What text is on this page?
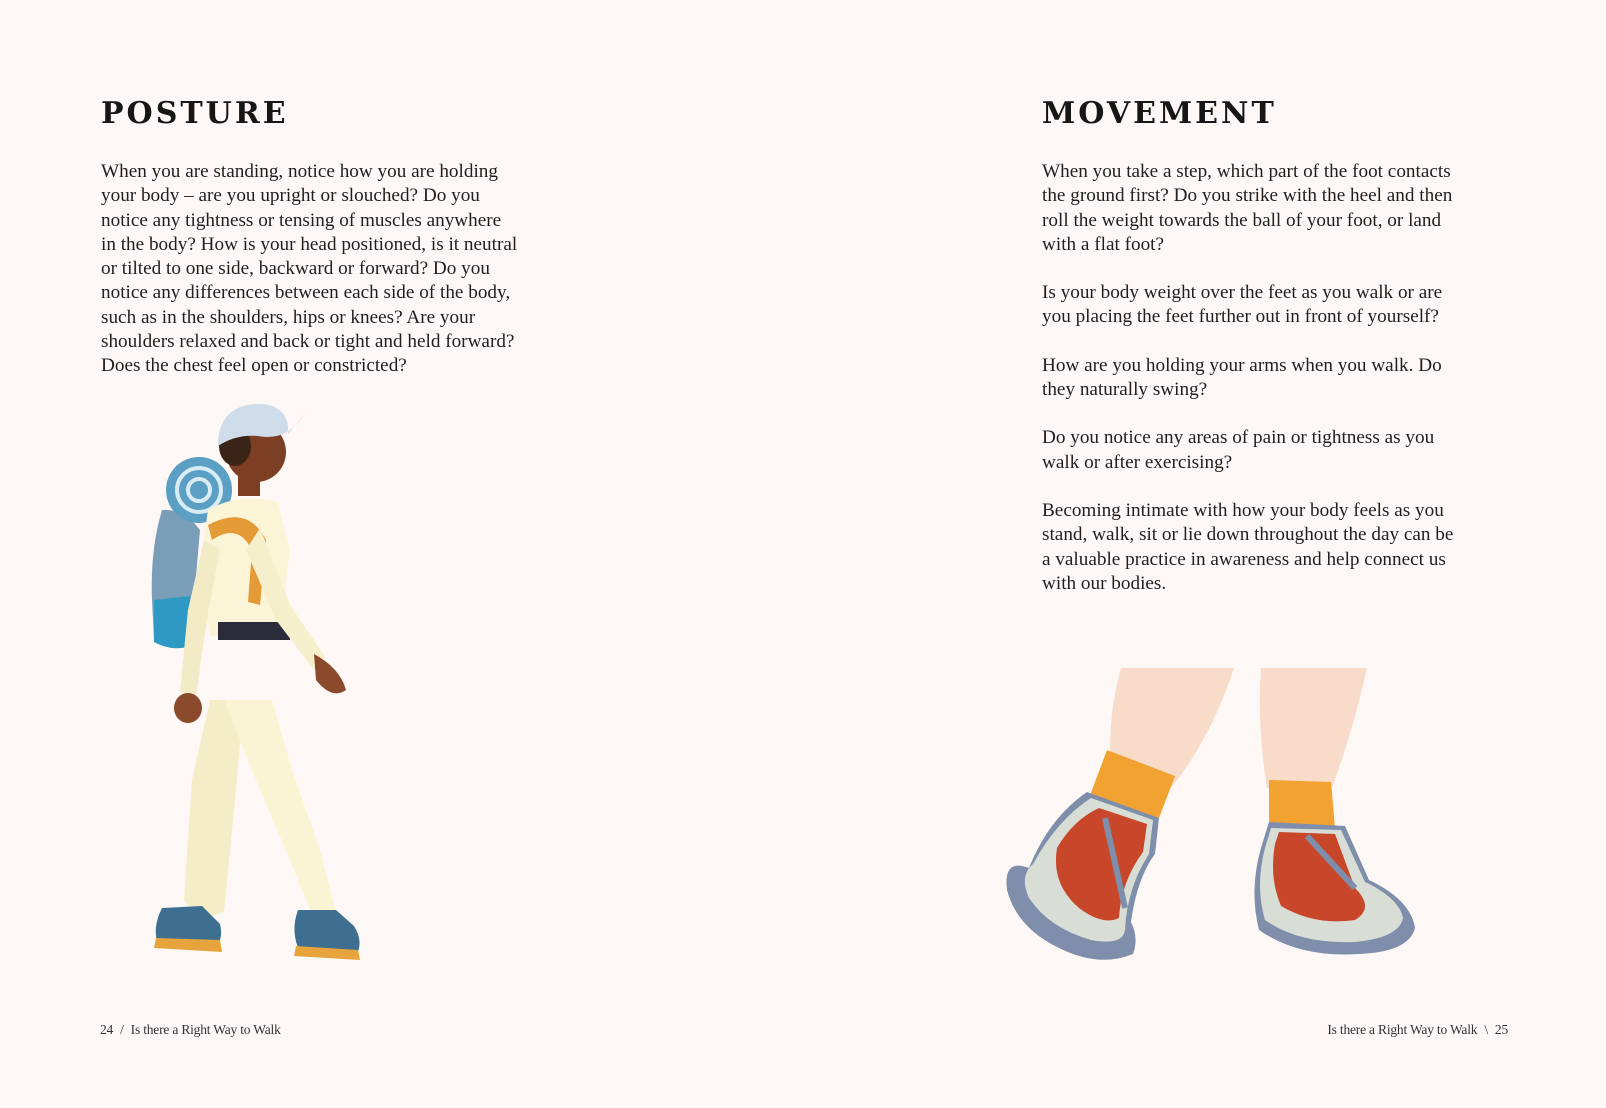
POSTURE

When you are standing, notice how you are holding
your body – are you upright or slouched? Do you
notice any tightness or tensing of muscles anywhere
in the body? How is your head positioned, is it neutral
or tilted to one side, backward or forward? Do you
notice any differences between each side of the body,
such as in the shoulders, hips or knees? Are your
shoulders relaxed and back or tight and held forward?
Does the chest feel open or constricted?

24 / Is there a Right Way to Walk
MOVEMENT

When you take a step, which part of the foot contacts
the ground first? Do you strike with the heel and then
roll the weight towards the ball of your foot, or land
with a flat foot?

Is your body weight over the feet as you walk or are
you placing the feet further out in front of yourself?

How are you holding your arms when you walk. Do
they naturally swing?

Do you notice any areas of pain or tightness as you
walk or after exercising?

Becoming intimate with how your body feels as you
stand, walk, sit or lie down throughout the day can be
a valuable practice in awareness and help connect us
with our bodies.

Is there a Right Way to Walk \ 25
